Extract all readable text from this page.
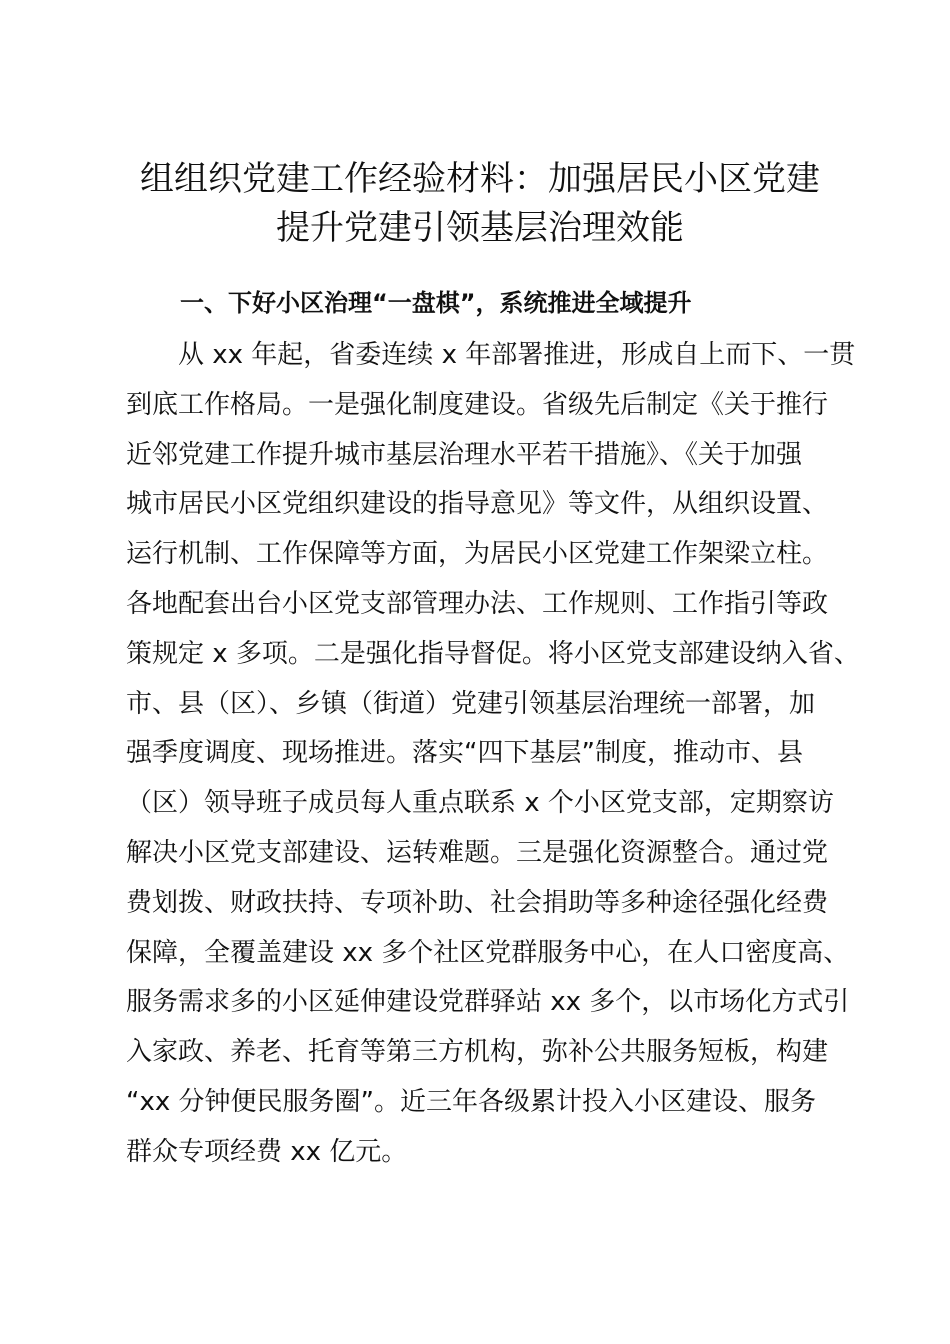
组组织党建工作经验材料：加强居民小区党建
提升党建引领基层治理效能
一、下好小区治理“一盘棋”，系统推进全域提升

　　从 xx 年起，省委连续 x 年部署推进，形成自上而下、一贯
到底工作格局。一是强化制度建设。省级先后制定《关于推行
近邻党建工作提升城市基层治理水平若干措施》、《关于加强
城市居民小区党组织建设的指导意见》等文件，从组织设置、
运行机制、工作保障等方面，为居民小区党建工作架梁立柱。
各地配套出台小区党支部管理办法、工作规则、工作指引等政
策规定 x 多项。二是强化指导督促。将小区党支部建设纳入省、
市、县（区）、乡镇（街道）党建引领基层治理统一部署，加
强季度调度、现场推进。落实“四下基层”制度，推动市、县
（区）领导班子成员每人重点联系 x 个小区党支部，定期察访
解决小区党支部建设、运转难题。三是强化资源整合。通过党
费划拨、财政扶持、专项补助、社会捐助等多种途径强化经费
保障，全覆盖建设 xx 多个社区党群服务中心，在人口密度高、
服务需求多的小区延伸建设党群驿站 xx 多个，以市场化方式引
入家政、养老、托育等第三方机构，弥补公共服务短板，构建
“xx 分钟便民服务圈”。近三年各级累计投入小区建设、服务
群众专项经费 xx 亿元。
